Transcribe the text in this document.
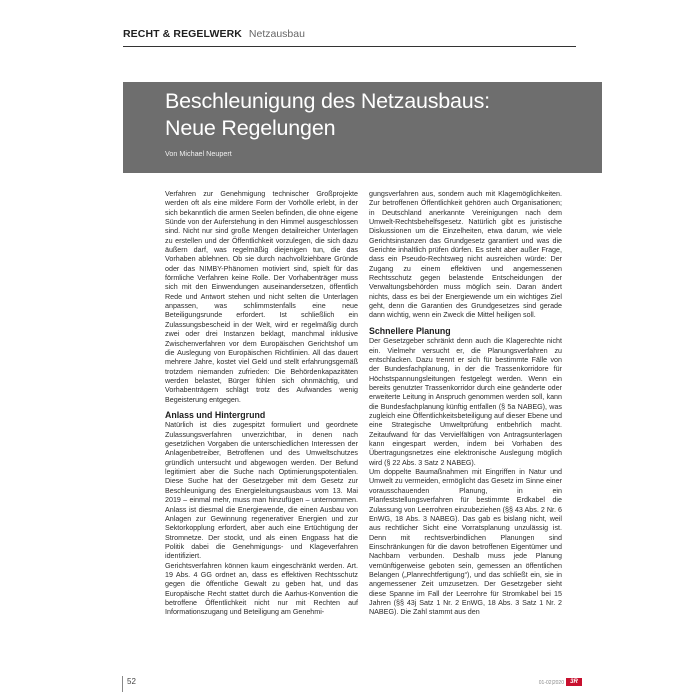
RECHT & REGELWERK Netzausbau
Beschleunigung des Netzausbaus:
Neue Regelungen
Von Michael Neupert

Verfahren zur Genehmigung technischer Großprojekte werden oft als eine mildere Form der Vorhölle erlebt, in der sich bekanntlich die armen Seelen befinden, die ohne eigene Sünde von der Auferstehung in den Himmel ausgeschlossen sind. Nicht nur sind große Mengen detailreicher Unterlagen zu erstellen und der Öffentlichkeit vorzulegen, die sich dazu äußern darf, was regelmäßig diejenigen tun, die das Vorhaben ablehnen. Ob sie durch nachvollziehbare Gründe oder das NIMBY-Phänomen motiviert sind, spielt für das förmliche Verfahren keine Rolle. Der Vorhabenträger muss sich mit den Einwendungen auseinandersetzen, öffentlich Rede und Antwort stehen und nicht selten die Unterlagen anpassen, was schlimmstenfalls eine neue Beteiligungsrunde erfordert. Ist schließlich ein Zulassungsbescheid in der Welt, wird er regelmäßig durch zwei oder drei Instanzen beklagt, manchmal inklusive Zwischenverfahren vor dem Europäischen Gerichtshof um die Auslegung von Europäischen Richtlinien. All das dauert mehrere Jahre, kostet viel Geld und stellt erfahrungsgemäß trotzdem niemanden zufrieden: Die Behördenkapazitäten werden belastet, Bürger fühlen sich ohnmächtig, und Vorhabenträgern schlägt trotz des Aufwandes wenig Begeisterung entgegen.

Anlass und Hintergrund

Natürlich ist dies zugespitzt formuliert und geordnete Zulassungsverfahren unverzichtbar, in denen nach gesetzlichen Vorgaben die unterschiedlichen Interessen der Anlagenbetreiber, Betroffenen und des Umweltschutzes gründlich untersucht und abgewogen werden. Der Befund legitimiert aber die Suche nach Optimierungspotentialen. Diese Suche hat der Gesetzgeber mit dem Gesetz zur Beschleunigung des Energieleitungsausbaus vom 13. Mai 2019 – einmal mehr, muss man hinzufügen – unternommen. Anlass ist diesmal die Energiewende, die einen Ausbau von Anlagen zur Gewinnung regenerativer Energien und zur Sektorkopplung erfordert, aber auch eine Ertüchtigung der Stromnetze. Der stockt, und als einen Engpass hat die Politik dabei die Genehmigungs- und Klageverfahren identifiziert.

Gerichtsverfahren können kaum eingeschränkt werden. Art. 19 Abs. 4 GG ordnet an, dass es effektiven Rechtsschutz gegen die öffentliche Gewalt zu geben hat, und das Europäische Recht stattet durch die Aarhus-Konvention die betroffene Öffentlichkeit nicht nur mit Rechten auf Informationszugang und Beteiligung am Genehmi-

gungsverfahren aus, sondern auch mit Klagemöglichkeiten. Zur betroffenen Öffentlichkeit gehören auch Organisationen; in Deutschland anerkannte Vereinigungen nach dem Umwelt-Rechtsbehelfsgesetz. Natürlich gibt es juristische Diskussionen um die Einzelheiten, etwa darum, wie viele Gerichtsinstanzen das Grundgesetz garantiert und was die Gerichte inhaltlich prüfen dürfen. Es steht aber außer Frage, dass ein Pseudo-Rechtsweg nicht ausreichen würde: Der Zugang zu einem effektiven und angemessenen Rechtsschutz gegen belastende Entscheidungen der Verwaltungsbehörden muss möglich sein. Daran ändert nichts, dass es bei der Energiewende um ein wichtiges Ziel geht, denn die Garantien des Grundgesetzes sind gerade dann wichtig, wenn ein Zweck die Mittel heiligen soll.

Schnellere Planung

Der Gesetzgeber schränkt denn auch die Klagerechte nicht ein. Vielmehr versucht er, die Planungsverfahren zu entschlacken. Dazu trennt er sich für bestimmte Fälle von der Bundesfachplanung, in der die Trassenkorridore für Höchstspannungsleitungen festgelegt werden. Wenn ein bereits genutzter Trassenkorridor durch eine geänderte oder erweiterte Leitung in Anspruch genommen werden soll, kann die Bundesfachplanung künftig entfallen (§ 5a NABEG), was zugleich eine Öffentlichkeitsbeteiligung auf dieser Ebene und eine Strategische Umweltprüfung entbehrlich macht. Zeitaufwand für das Vervielfältigen von Antragsunterlagen kann eingespart werden, indem bei Vorhaben des Übertragungsnetzes eine elektronische Auslegung möglich wird (§ 22 Abs. 3 Satz 2 NABEG).

Um doppelte Baumaßnahmen mit Eingriffen in Natur und Umwelt zu vermeiden, ermöglicht das Gesetz im Sinne einer vorausschauenden Planung, in ein Planfeststellungsverfahren für bestimmte Erdkabel die Zulassung von Leerrohren einzubeziehen (§§ 43 Abs. 2 Nr. 6 EnWG, 18 Abs. 3 NABEG). Das gab es bislang nicht, weil aus rechtlicher Sicht eine Vorratsplanung unzulässig ist. Denn mit rechtsverbindlichen Planungen sind Einschränkungen für die davon betroffenen Eigentümer und Nachbarn verbunden. Deshalb muss jede Planung vernünftigerweise geboten sein, gemessen an öffentlichen Belangen („Planrechtfertigung“), und das schließt ein, sie in angemessener Zeit umzusetzen. Der Gesetzgeber sieht diese Spanne im Fall der Leerrohre für Stromkabel bei 15 Jahren (§§ 43j Satz 1 Nr. 2 EnWG, 18 Abs. 3 Satz 1 Nr. 2 NABEG). Die Zahl stammt aus den

52	01-02|2020	3R
